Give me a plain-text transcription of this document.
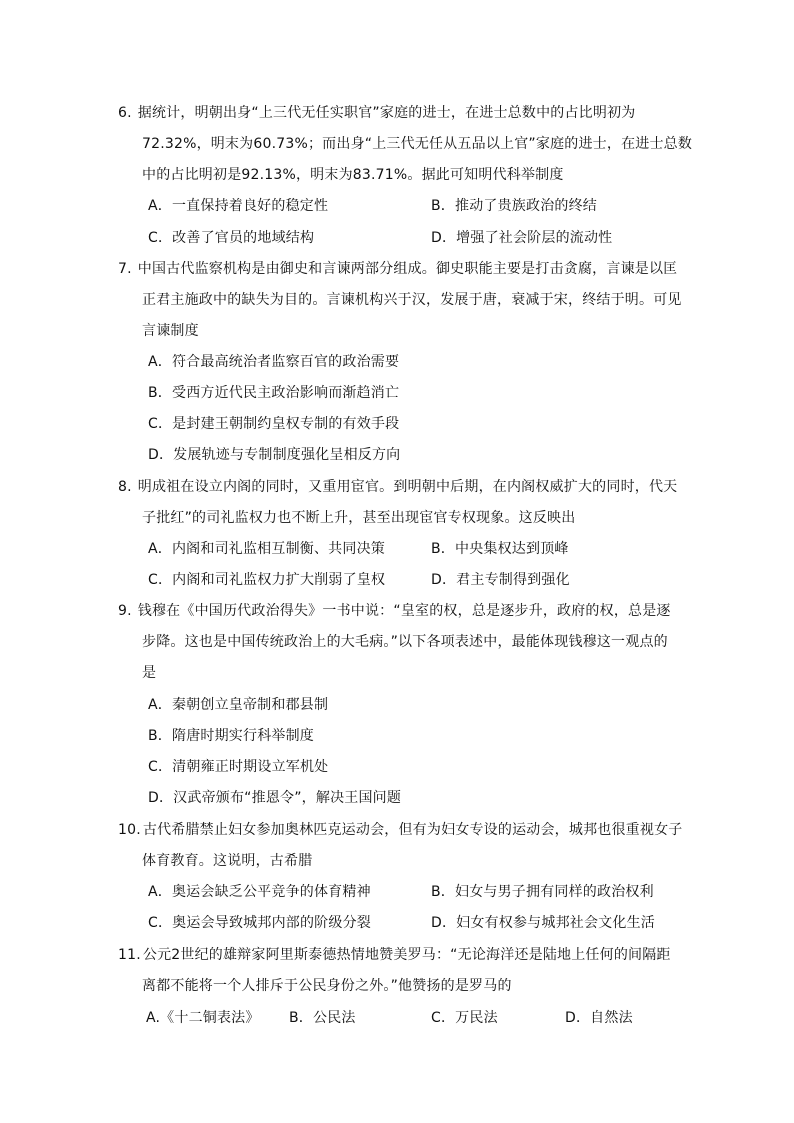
6. 据统计，明朝出身“上三代无任实职官”家庭的进士，在进士总数中的占比明初为
72.32%，明末为60.73%；而出身“上三代无任从五品以上官”家庭的进士，在进士总数
中的占比明初是92.13%，明末为83.71%。据此可知明代科举制度
A．一直保持着良好的稳定性	B．推动了贵族政治的终结
C．改善了官员的地域结构	D．增强了社会阶层的流动性
7. 中国古代监察机构是由御史和言谏两部分组成。御史职能主要是打击贪腐，言谏是以匡
正君主施政中的缺失为目的。言谏机构兴于汉，发展于唐，衰减于宋，终结于明。可见
言谏制度
A．符合最高统治者监察百官的政治需要
B．受西方近代民主政治影响而渐趋消亡
C．是封建王朝制约皇权专制的有效手段
D．发展轨迹与专制制度强化呈相反方向
8. 明成祖在设立内阁的同时，又重用宦官。到明朝中后期，在内阁权威扩大的同时，代天
子批红”的司礼监权力也不断上升，甚至出现宦官专权现象。这反映出
A．内阁和司礼监相互制衡、共同决策	B．中央集权达到顶峰
C．内阁和司礼监权力扩大削弱了皇权	D．君主专制得到强化
9. 钱穆在《中国历代政治得失》一书中说：“皇室的权，总是逐步升，政府的权，总是逐
步降。这也是中国传统政治上的大毛病。”以下各项表述中，最能体现钱穆这一观点的
是
A．秦朝创立皇帝制和郡县制
B．隋唐时期实行科举制度
C．清朝雍正时期设立军机处
D．汉武帝颁布“推恩令”，解决王国问题
10. 古代希腊禁止妇女参加奥林匹克运动会，但有为妇女专设的运动会，城邦也很重视女子
体育教育。这说明，古希腊
A．奥运会缺乏公平竞争的体育精神	B．妇女与男子拥有同样的政治权利
C．奥运会导致城邦内部的阶级分裂	D．妇女有权参与城邦社会文化生活
11. 公元2世纪的雄辩家阿里斯泰德热情地赞美罗马：“无论海洋还是陆地上任何的间隔距
离都不能将一个人排斥于公民身份之外。”他赞扬的是罗马的
A.《十二铜表法》 B．公民法	C．万民法	D．自然法
